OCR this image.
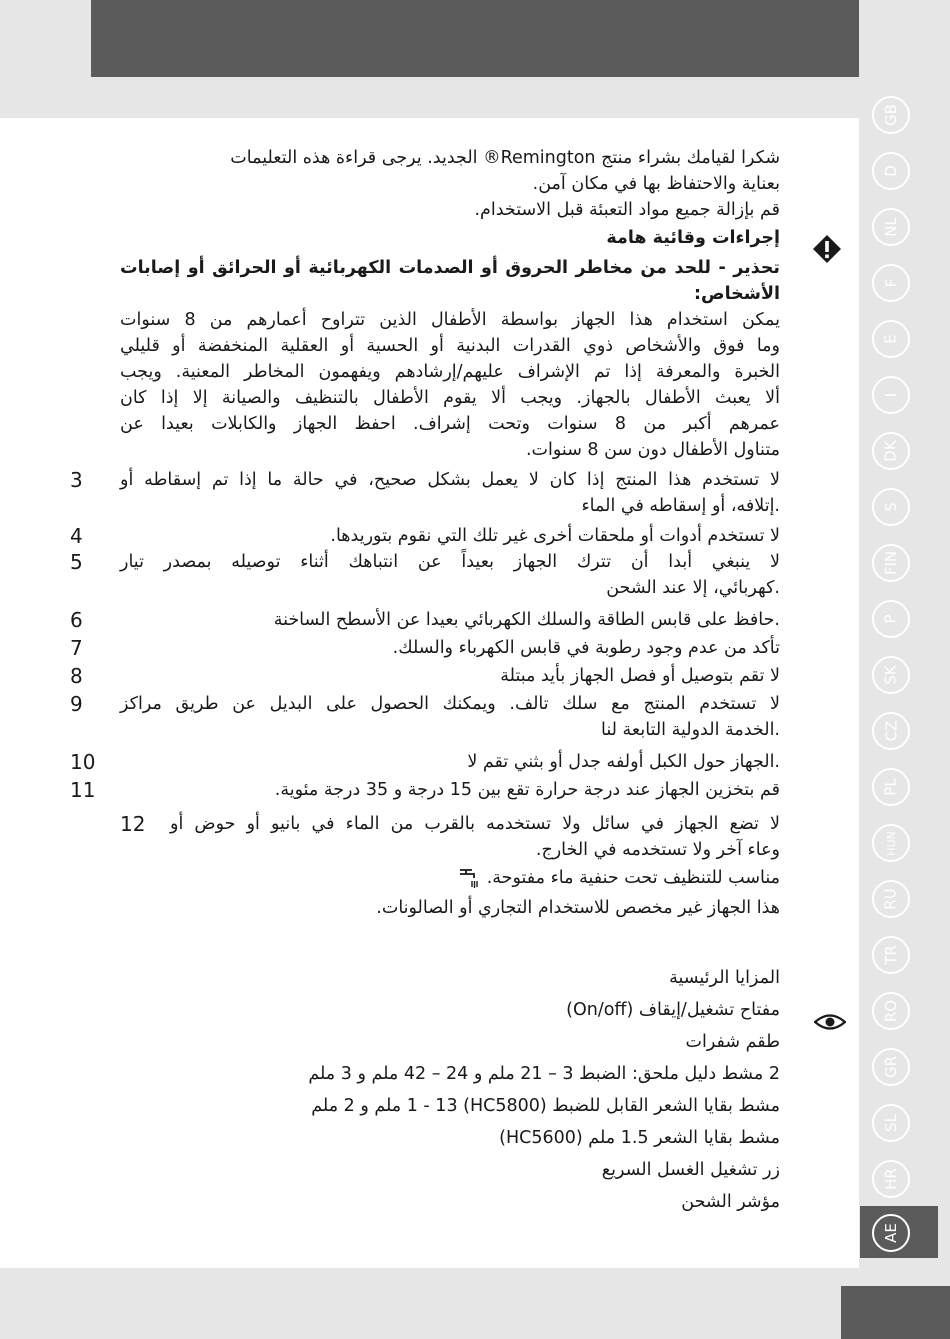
GB
D
NL
F
E
I
DK
S
FIN
P
SK
CZ
PL
HUN
RU
TR
RO
GR
SL
HR
AE
شكرا لقيامك بشراء منتج Remington® الجديد. يرجى قراءة هذه التعليمات
بعناية والاحتفاظ بها في مكان آمن.
قم بإزالة جميع مواد التعبئة قبل الاستخدام.
إجراءات وقائية هامة
تحذير - للحد من مخاطر الحروق أو الصدمات الكهربائية أو الحرائق أو إصابات
الأشخاص:
يمكن استخدام هذا الجهاز بواسطة الأطفال الذين تتراوح أعمارهم من 8 سنوات
وما فوق والأشخاص ذوي القدرات البدنية أو الحسية أو العقلية المنخفضة أو قليلي
الخبرة والمعرفة إذا تم الإشراف عليهم/إرشادهم ويفهمون المخاطر المعنية. ويجب
ألا يعبث الأطفال بالجهاز. ويجب ألا يقوم الأطفال بالتنظيف والصيانة إلا إذا كان
عمرهم أكبر من 8 سنوات وتحت إشراف. احفظ الجهاز والكابلات بعيدا عن
متناول الأطفال دون سن 8 سنوات.
3 لا تستخدم هذا المنتج إذا كان لا يعمل بشكل صحيح، في حالة ما إذا تم إسقاطه أو
.إتلافه، أو إسقاطه في الماء
4	لا تستخدم أدوات أو ملحقات أخرى غير تلك التي نقوم بتوريدها.
5 لا ينبغي أبدا أن تترك الجهاز بعيداً عن انتباهك أثناء توصيله بمصدر تيار
.كهربائي، إلا عند الشحن
6	.حافظ على قابس الطاقة والسلك الكهربائي بعيدا عن الأسطح الساخنة
7	تأكد من عدم وجود رطوبة في قابس الكهرباء والسلك.
8	لا تقم بتوصيل أو فصل الجهاز بأيد مبتلة
9 لا تستخدم المنتج مع سلك تالف. ويمكنك الحصول على البديل عن طريق مراكز
.الخدمة الدولية التابعة لنا
10	.الجهاز حول الكبل أولفه جدل أو بثني تقم لا
11	قم بتخزين الجهاز عند درجة حرارة تقع بين 15 درجة و 35 درجة مئوية.
12 لا تضع الجهاز في سائل ولا تستخدمه بالقرب من الماء في بانيو أو حوض أو
وعاء آخر ولا تستخدمه في الخارج.
مناسب للتنظيف تحت حنفية ماء مفتوحة.
هذا الجهاز غير مخصص للاستخدام التجاري أو الصالونات.
المزايا الرئيسية
مفتاح تشغيل/إيقاف (On/off)
طقم شفرات
2 مشط دليل ملحق: الضبط 3 – 21 ملم و 24 – 42 ملم و 3 ملم
مشط بقايا الشعر القابل للضبط (HC5800) 1 - 13 ملم و 2 ملم
مشط بقايا الشعر 1.5 ملم (HC5600)
زر تشغيل الغسل السريع
مؤشر الشحن
